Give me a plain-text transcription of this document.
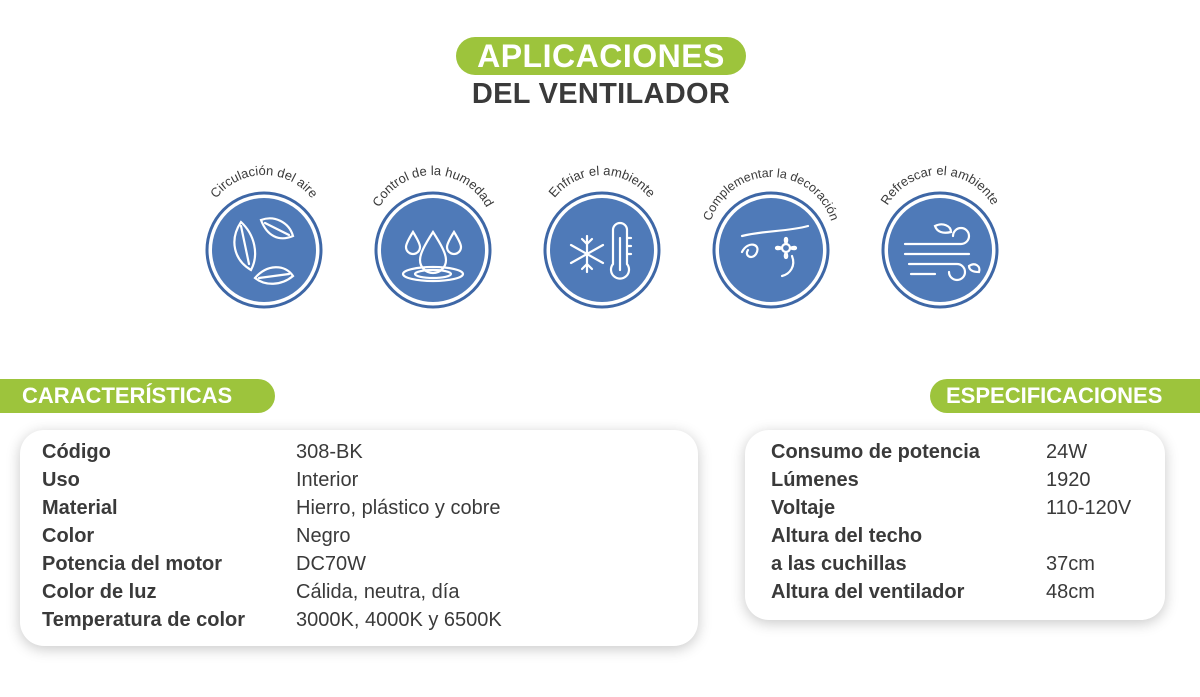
APLICACIONES
DEL VENTILADOR
Circulación del aire
Control de la humedad
Enfriar el ambiente
Complementar la decoración
Refrescar el ambiente
CARACTERÍSTICAS	ESPECIFICACIONES
Código	308-BK
Uso	Interior
Material	Hierro, plástico y cobre
Color	Negro
Potencia del motor	DC70W
Color de luz	Cálida, neutra, día
Temperatura de color	3000K, 4000K y 6500K
Consumo de potencia	24W
Lúmenes	1920
Voltaje	110-120V
Altura del techo
a las cuchillas	37cm
Altura del ventilador	48cm
